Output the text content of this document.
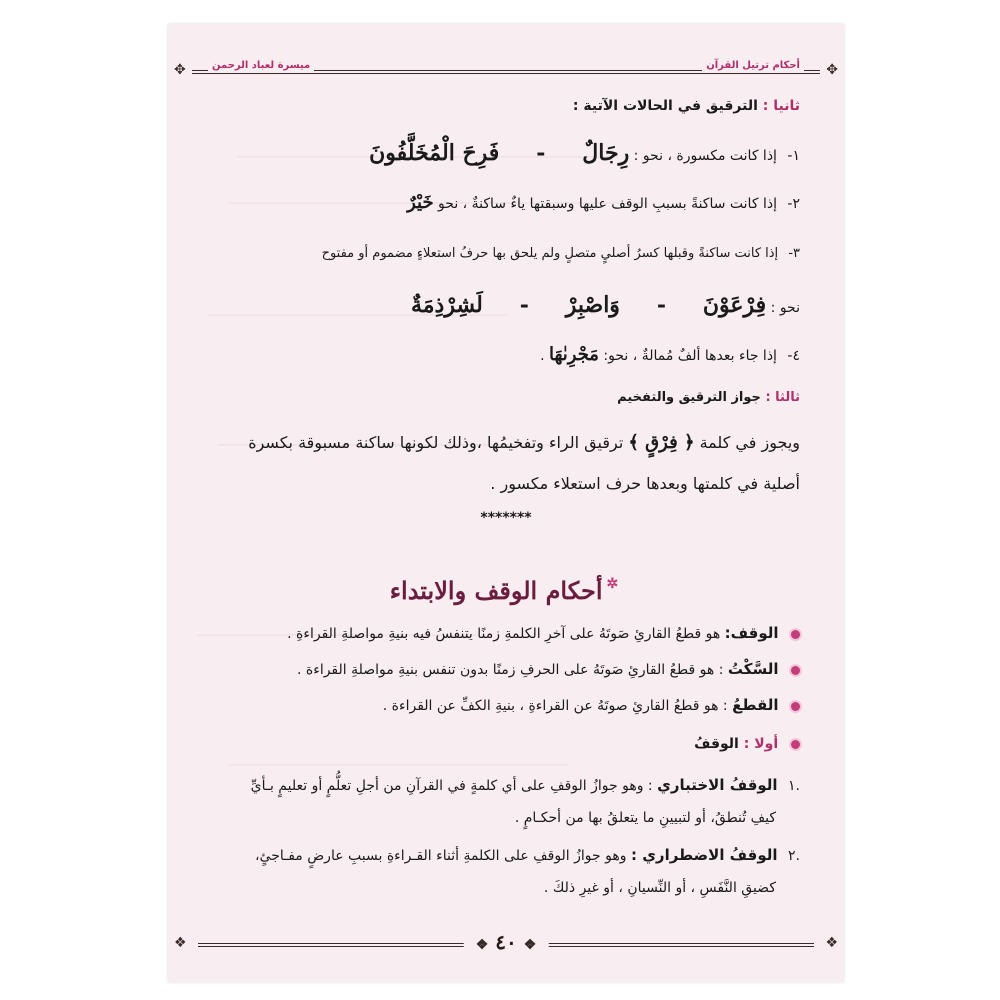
✥
✥	أحكام ترتيل القرآن
ميسرة لعباد الرحمن
ثانيا : الترقيق في الحالات الآتية :
١- إذا كانت مكسورة ، نحو : رِجَالٌ  -  فَرِحَ الْمُخَلَّفُونَ
٢- إذا كانت ساكنةً بسببِ الوقف عليها وسبقتها ياءٌ ساكنةٌ ، نحو خَيْرٌ
٣- إذا كانت ساكنةً وقبلها كسرُ أصليٍ متصلٍ ولم يلحق بها حرفُ استعلاءٍ مضموم أو مفتوح
نحو : فِرْعَوْنَ  -  وَاصْبِرْ  -  لَشِرْذِمَةٌ
٤- إذا جاء بعدها ألفٌ مُمالةٌ ، نحو: مَجْرِىٰهَا .
ثالثا : جواز الترقيق والتفخيم
ويجوز في كلمة ﴿ فِرْقٍ ﴾ ترقيق الراء وتفخيمُها ،وذلك لكونها ساكنة مسبوقة بكسرة
أصلية في كلمتها وبعدها حرف استعلاء مكسور .
*******
✲أحكام الوقف والابتداء
الوقف: هو قطعُ القارئِ صَوتَهُ على آخرِ الكلمةِ زمنًا يتنفسُ فيه بنيةِ مواصلةِ القراءةِ .
السَّكْتُ : هو قطعُ القارئِ صَوتَهُ على الحرفِ زمنًا بدون تنفس بنيةِ مواصلةِ القراءة .
القطعُ : هو قطعُ القارئِ صوتَهُ عن القراءةِ ، بنيةِ الكفِّ عن القراءة .
أولا : الوقفُ
.١ الوقفُ الاختباري : وهو جوازُ الوقفِ على أي كلمةٍ في القرآنِ من أجلِ تعلُّمٍ أو تعليمٍ بـأيِّ
كيفِ تُنطقُ، أو لتبيينِ ما يتعلقُ بها من أحكـامٍ .
.٢ الوقفُ الاضطراري : وهو جوازُ الوقفِ على الكلمةِ أثناء القـراءةِ بسببِ عارضٍ مفـاجئٍ،
كضيقِ النَّفَسِ ، أو النِّسيانِ ، أو غيرِ ذلكَ .
❖
❖	❖ ٤٠ ❖
